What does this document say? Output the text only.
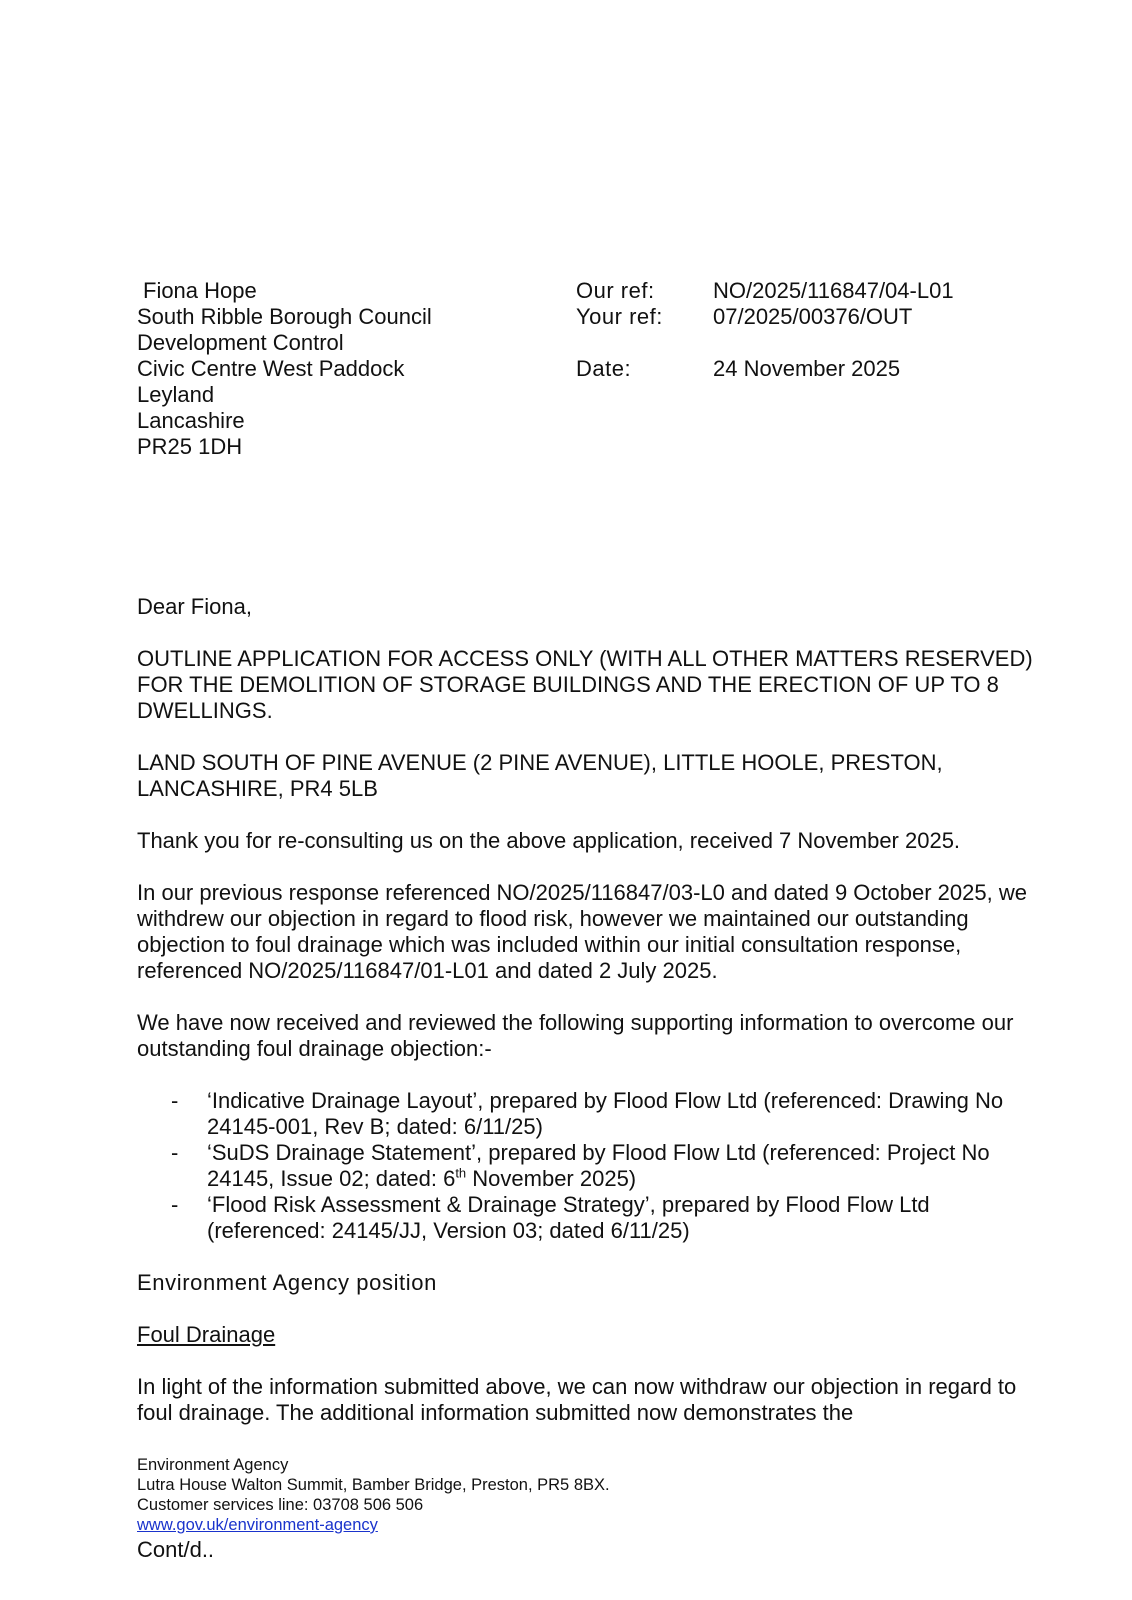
Fiona Hope
South Ribble Borough Council
Development Control
Civic Centre West Paddock
Leyland
Lancashire
PR25 1DH
Our ref:	NO/2025/116847/04-L01
Your ref:	07/2025/00376/OUT
Date:	24 November 2025

Dear Fiona,

OUTLINE APPLICATION FOR ACCESS ONLY (WITH ALL OTHER MATTERS RESERVED) FOR THE DEMOLITION OF STORAGE BUILDINGS AND THE ERECTION OF UP TO 8 DWELLINGS.

LAND SOUTH OF PINE AVENUE (2 PINE AVENUE), LITTLE HOOLE, PRESTON, LANCASHIRE, PR4 5LB

Thank you for re-consulting us on the above application, received 7 November 2025.

In our previous response referenced NO/2025/116847/03-L0 and dated 9 October 2025, we withdrew our objection in regard to flood risk, however we maintained our outstanding objection to foul drainage which was included within our initial consultation response, referenced NO/2025/116847/01-L01 and dated 2 July 2025.

We have now received and reviewed the following supporting information to overcome our outstanding foul drainage objection:-

- ‘Indicative Drainage Layout’, prepared by Flood Flow Ltd (referenced: Drawing No 24145-001, Rev B; dated: 6/11/25)
- ‘SuDS Drainage Statement’, prepared by Flood Flow Ltd (referenced: Project No 24145, Issue 02; dated: 6th November 2025)
- ‘Flood Risk Assessment & Drainage Strategy’, prepared by Flood Flow Ltd (referenced: 24145/JJ, Version 03; dated 6/11/25)

Environment Agency position

Foul Drainage

In light of the information submitted above, we can now withdraw our objection in regard to foul drainage. The additional information submitted now demonstrates the

Environment Agency
Lutra House Walton Summit, Bamber Bridge, Preston, PR5 8BX.
Customer services line: 03708 506 506
www.gov.uk/environment-agency
Cont/d..
